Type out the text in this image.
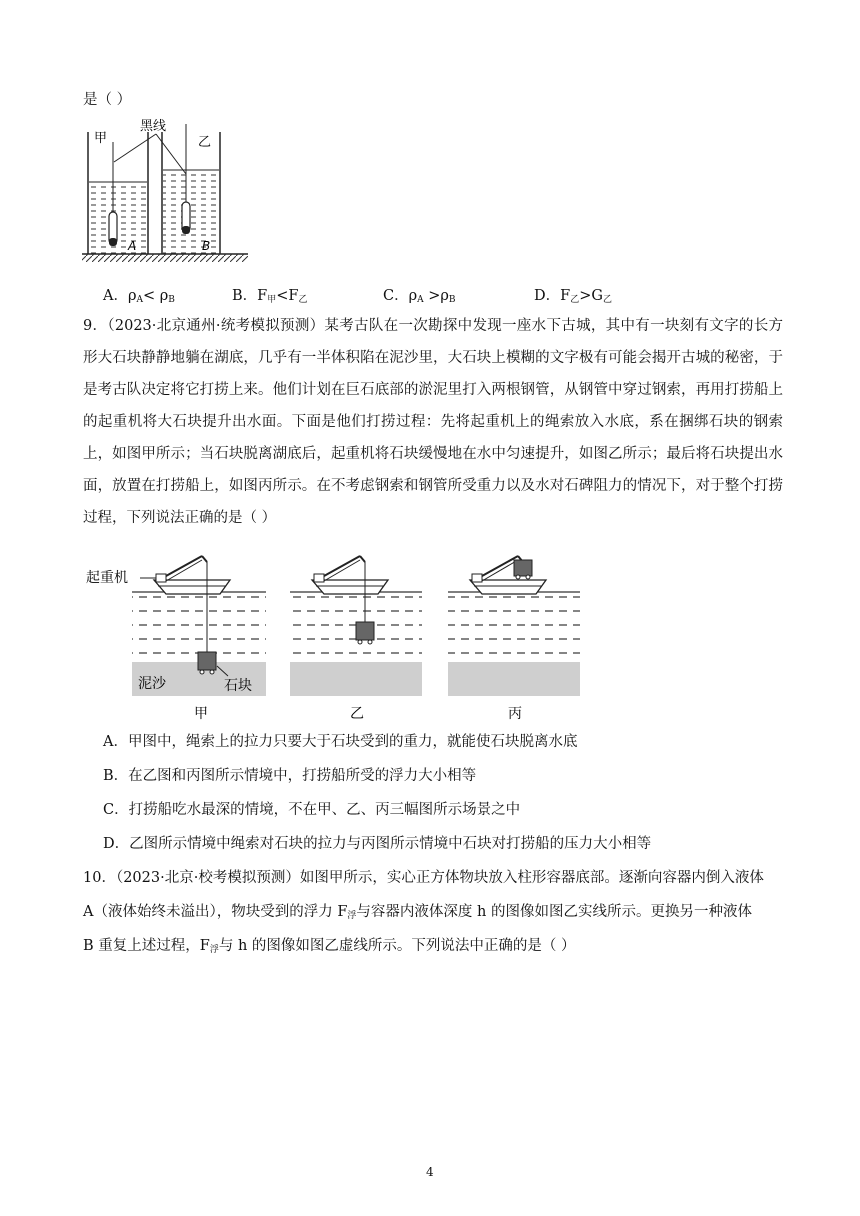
是（ ）
甲	乙
黑线
A	B
A．$\rho_A< \rho_B$	B．$F_甲<F_乙$	C．$\rho_A >\rho_B$	D．$F_乙>G_乙$
9．（2023·北京通州·统考模拟预测）某考古队在一次勘探中发现一座水下古城，其中有一块刻有文字的长方形大石块静静地躺在湖底，几乎有一半体积陷在泥沙里，大石块上模糊的文字极有可能会揭开古城的秘密，于是考古队决定将它打捞上来。他们计划在巨石底部的淤泥里打入两根钢管，从钢管中穿过钢索，再用打捞船上的起重机将大石块提升出水面。下面是他们打捞过程：先将起重机上的绳索放入水底，系在捆绑石块的钢索上，如图甲所示；当石块脱离湖底后，起重机将石块缓慢地在水中匀速提升，如图乙所示；最后将石块提出水面，放置在打捞船上，如图丙所示。在不考虑钢索和钢管所受重力以及水对石碑阻力的情况下，对于整个打捞过程，下列说法正确的是（ ）
起重机
泥沙	石块
甲	乙	丙
A．甲图中，绳索上的拉力只要大于石块受到的重力，就能使石块脱离水底
B．在乙图和丙图所示情境中，打捞船所受的浮力大小相等
C．打捞船吃水最深的情境，不在甲、乙、丙三幅图所示场景之中
D．乙图所示情境中绳索对石块的拉力与丙图所示情境中石块对打捞船的压力大小相等
10．（2023·北京·校考模拟预测）如图甲所示，实心正方体物块放入柱形容器底部。逐渐向容器内倒入液体
A（液体始终未溢出），物块受到的浮力 $F_浮$与容器内液体深度 h 的图像如图乙实线所示。更换另一种液体
B 重复上述过程，$F_浮$与 h 的图像如图乙虚线所示。下列说法中正确的是（ ）
4
